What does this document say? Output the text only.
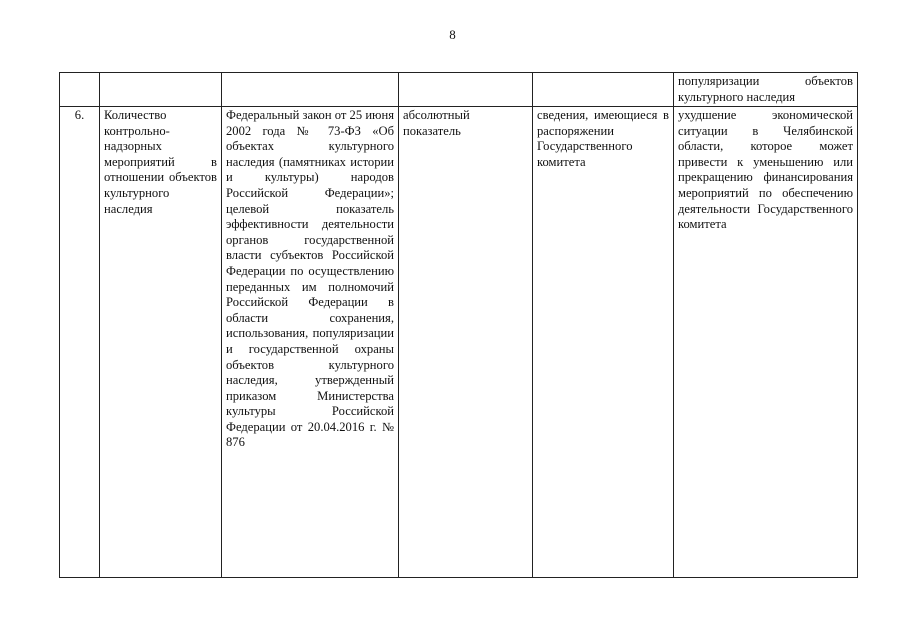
8
					популяризации объектов культурного наследия
6.	Количество контрольно-надзорных мероприятий в отношении объектов культурного наследия	Федеральный закон от 25 июня 2002 года № 73-ФЗ «Об объектах культурного наследия (памятниках истории и культуры) народов Российской Федерации»; целевой показатель эффективности деятельности органов государственной власти субъектов Российской Федерации по осуществлению переданных им полномочий Российской Федерации в области сохранения, использования, популяризации и государственной охраны объектов культурного наследия, утвержденный приказом Министерства культуры Российской Федерации от 20.04.2016 г. № 876	абсолютный показатель	сведения, имеющиеся в распоряжении Государственного комитета	ухудшение экономической ситуации в Челябинской области, которое может привести к уменьшению или прекращению финансирования мероприятий по обеспечению деятельности Государственного комитета
